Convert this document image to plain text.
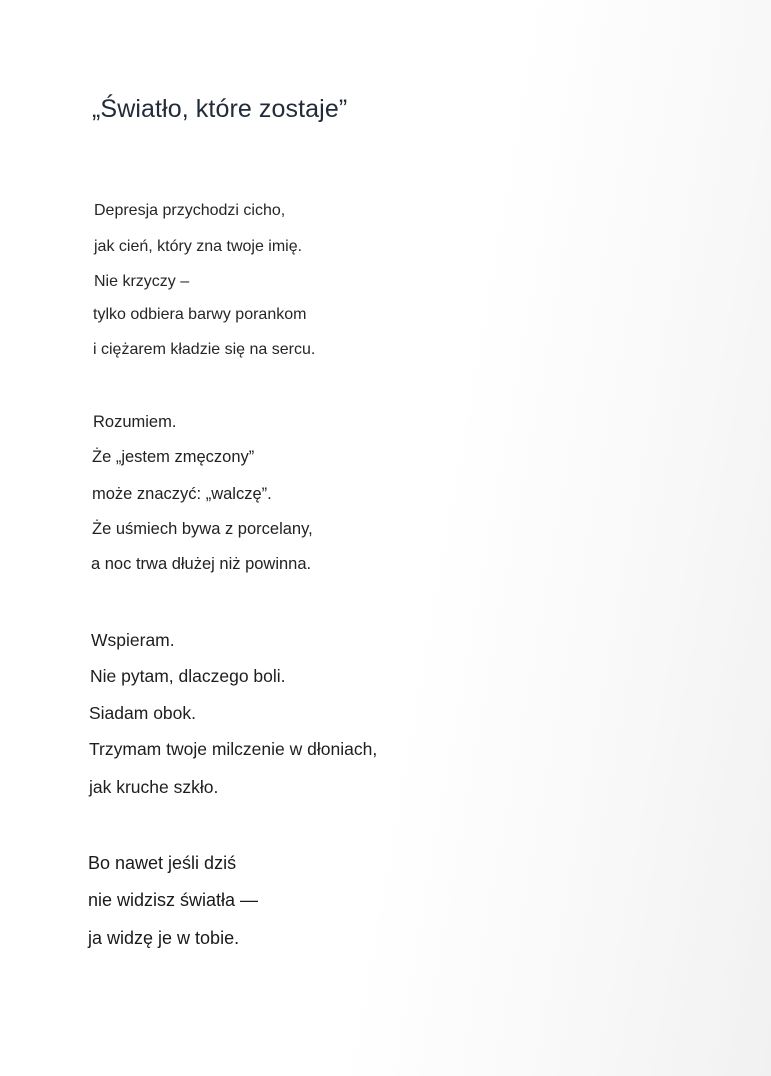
„Światło, które zostaje”

Depresja przychodzi cicho,

jak cień, który zna twoje imię.

Nie krzyczy –

tylko odbiera barwy porankom

i ciężarem kładzie się na sercu.

Rozumiem.

Że „jestem zmęczony”

może znaczyć: „walczę”.

Że uśmiech bywa z porcelany,

a noc trwa dłużej niż powinna.

Wspieram.

Nie pytam, dlaczego boli.

Siadam obok.

Trzymam twoje milczenie w dłoniach,

jak kruche szkło.

Bo nawet jeśli dziś

nie widzisz światła —

ja widzę je w tobie.
